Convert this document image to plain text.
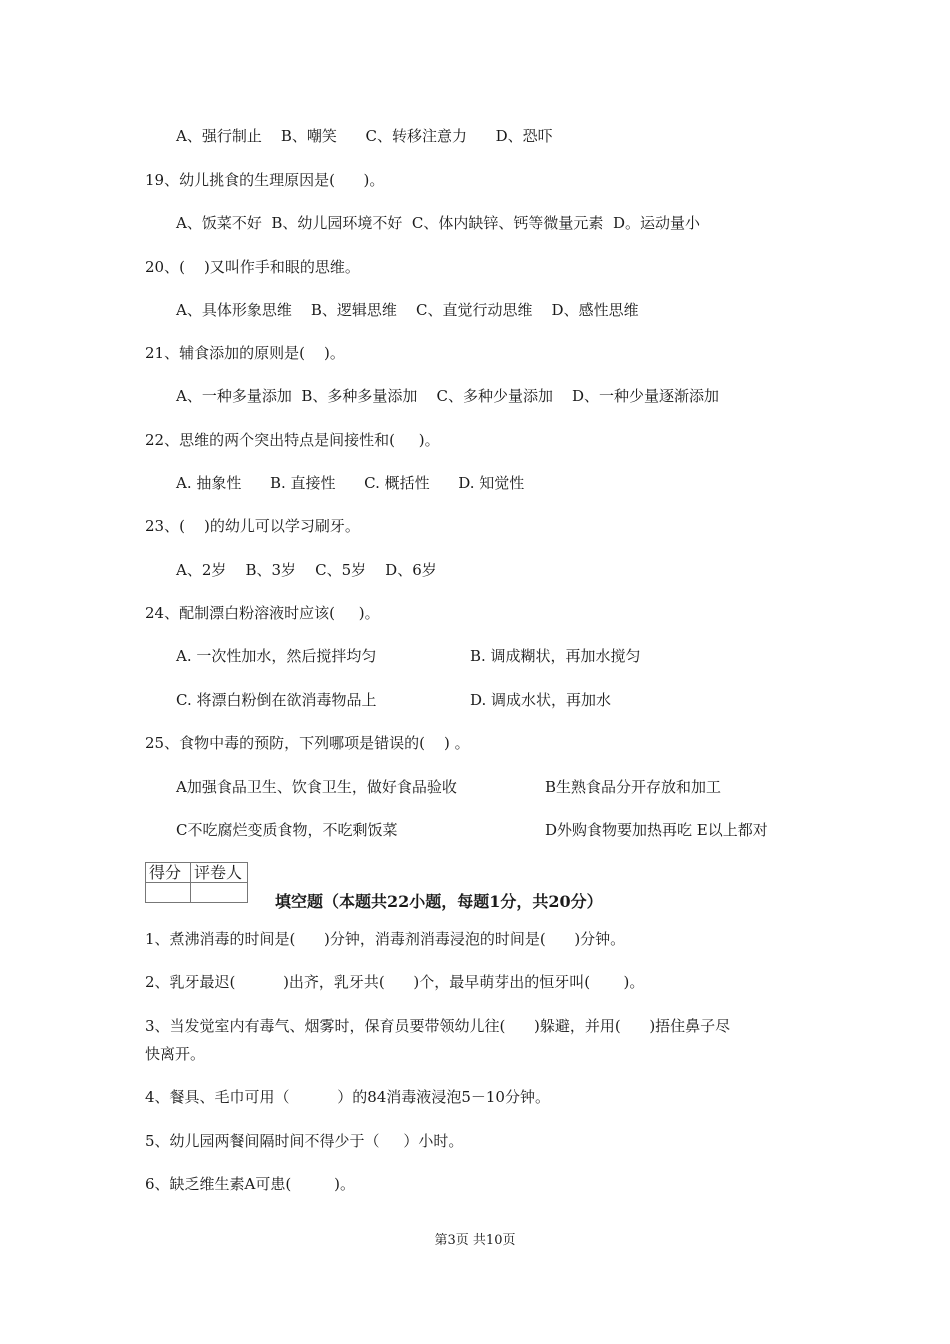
A、强行制止    B、嘲笑      C、转移注意力      D、恐吓

19、幼儿挑食的生理原因是(      )。

A、饭菜不好  B、幼儿园环境不好  C、体内缺锌、钙等微量元素  D。运动量小

20、(    )又叫作手和眼的思维。

A、具体形象思维    B、逻辑思维    C、直觉行动思维    D、感性思维

21、辅食添加的原则是(    )。

A、一种多量添加  B、多种多量添加    C、多种少量添加    D、一种少量逐渐添加

22、思维的两个突出特点是间接性和(     )。

A. 抽象性      B. 直接性      C. 概括性      D. 知觉性

23、(    )的幼儿可以学习刷牙。

A、2岁    B、3岁    C、5岁    D、6岁

24、配制漂白粉溶液时应该(     )。

A. 一次性加水，然后搅拌均匀	B. 调成糊状，再加水搅匀

C. 将漂白粉倒在欲消毒物品上	D. 调成水状，再加水

25、食物中毒的预防，下列哪项是错误的(    ) 。

A加强食品卫生、饮食卫生，做好食品验收	B生熟食品分开存放和加工

C不吃腐烂变质食物，不吃剩饭菜	D外购食物要加热再吃 E以上都对

得分	评卷人

填空题（本题共22小题，每题1分，共20分）

1、煮沸消毒的时间是(      )分钟，消毒剂消毒浸泡的时间是(      )分钟。

2、乳牙最迟(          )出齐，乳牙共(      )个，最早萌芽出的恒牙叫(       )。

3、当发觉室内有毒气、烟雾时，保育员要带领幼儿往(      )躲避，并用(      )捂住鼻子尽

快离开。

4、餐具、毛巾可用（          ）的84消毒液浸泡5－10分钟。

5、幼儿园两餐间隔时间不得少于（     ）小时。

6、缺乏维生素A可患(         )。

第3页 共10页
